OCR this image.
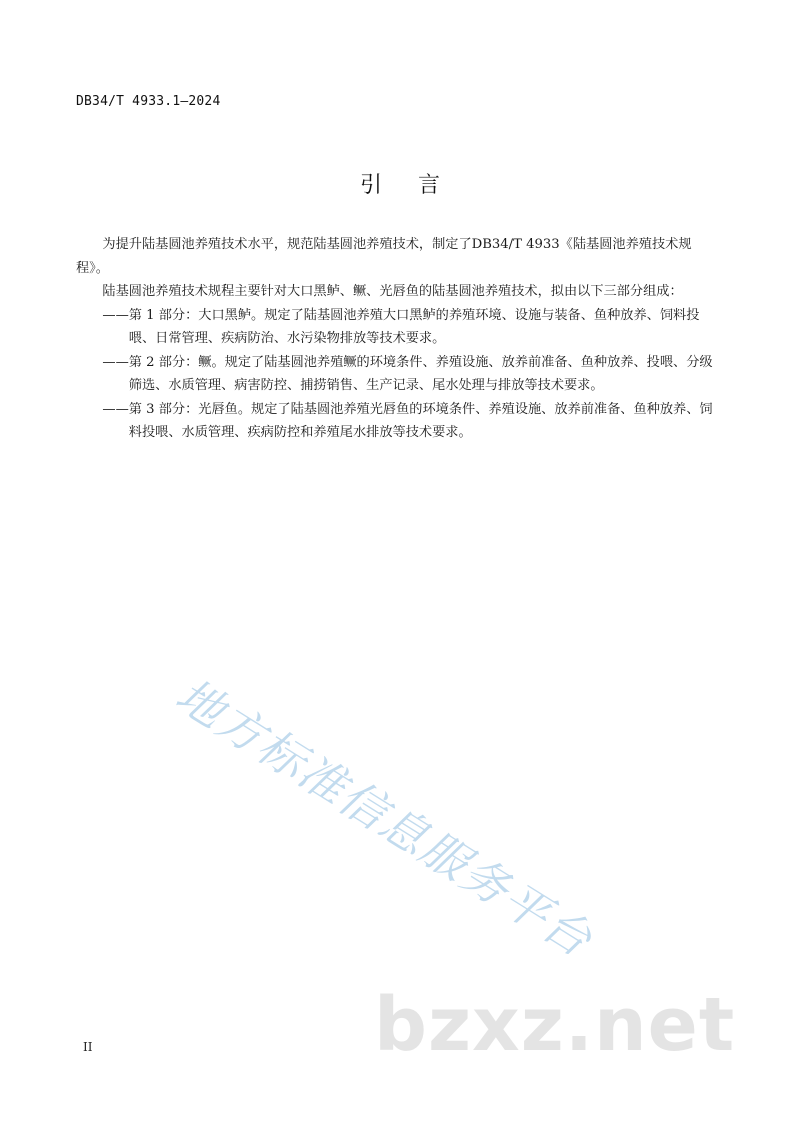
DB34/T 4933.1—2024
引言

为提升陆基圆池养殖技术水平，规范陆基圆池养殖技术，制定了DB34/T 4933《陆基圆池养殖技术规程》。

陆基圆池养殖技术规程主要针对大口黑鲈、鳜、光唇鱼的陆基圆池养殖技术，拟由以下三部分组成：

——第 1 部分：大口黑鲈。规定了陆基圆池养殖大口黑鲈的养殖环境、设施与装备、鱼种放养、饲料投喂、日常管理、疾病防治、水污染物排放等技术要求。

——第 2 部分：鳜。规定了陆基圆池养殖鳜的环境条件、养殖设施、放养前准备、鱼种放养、投喂、分级筛选、水质管理、病害防控、捕捞销售、生产记录、尾水处理与排放等技术要求。

——第 3 部分：光唇鱼。规定了陆基圆池养殖光唇鱼的环境条件、养殖设施、放养前准备、鱼种放养、饲料投喂、水质管理、疾病防控和养殖尾水排放等技术要求。

II
地方标准信息服务平台
bzxz.net
